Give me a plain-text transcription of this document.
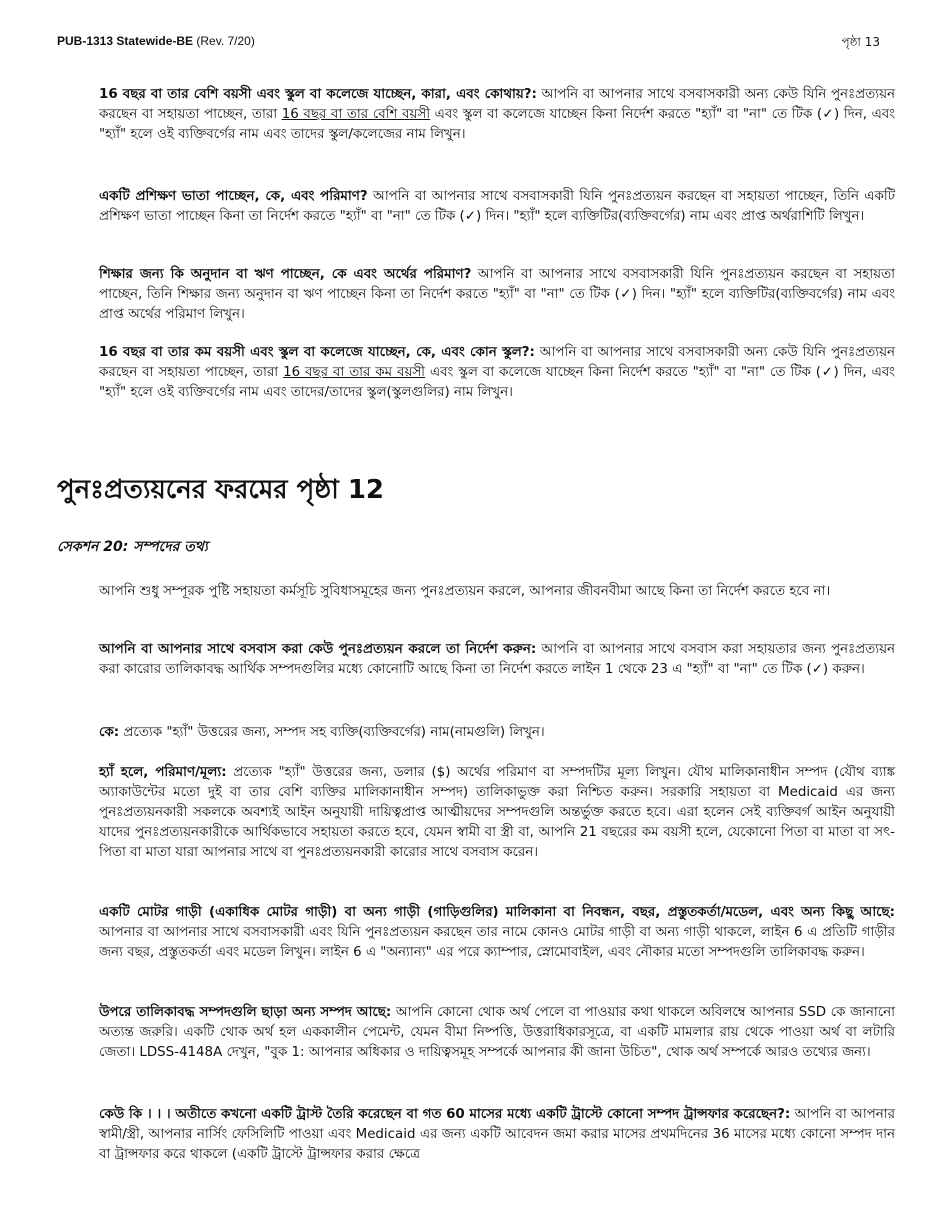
PUB-1313 Statewide-BE (Rev. 7/20)	পৃষ্ঠা 13
16 বছর বা তার বেশি বয়সী এবং স্কুল বা কলেজে যাচ্ছেন, কারা, এবং কোথায়?: আপনি বা আপনার সাথে বসবাসকারী অন্য কেউ যিনি পুনঃপ্রত্যয়ন করছেন বা সহায়তা পাচ্ছেন, তারা 16 বছর বা তার বেশি বয়সী এবং স্কুল বা কলেজে যাচ্ছেন কিনা নির্দেশ করতে "হ্যাঁ" বা "না" তে টিক (✓) দিন, এবং "হ্যাঁ" হলে ওই ব্যক্তিবর্গের নাম এবং তাদের স্কুল/কলেজের নাম লিখুন।
একটি প্রশিক্ষণ ভাতা পাচ্ছেন, কে, এবং পরিমাণ? আপনি বা আপনার সাথে বসবাসকারী যিনি পুনঃপ্রত্যয়ন করছেন বা সহায়তা পাচ্ছেন, তিনি একটি প্রশিক্ষণ ভাতা পাচ্ছেন কিনা তা নির্দেশ করতে "হ্যাঁ" বা "না" তে টিক (✓) দিন। "হ্যাঁ" হলে ব্যক্তিটির(ব্যক্তিবর্গের) নাম এবং প্রাপ্ত অর্থরাশিটি লিখুন।
শিক্ষার জন্য কি অনুদান বা ঋণ পাচ্ছেন, কে এবং অর্থের পরিমাণ? আপনি বা আপনার সাথে বসবাসকারী যিনি পুনঃপ্রত্যয়ন করছেন বা সহায়তা পাচ্ছেন, তিনি শিক্ষার জন্য অনুদান বা ঋণ পাচ্ছেন কিনা তা নির্দেশ করতে "হ্যাঁ" বা "না" তে টিক (✓) দিন। "হ্যাঁ" হলে ব্যক্তিটির(ব্যক্তিবর্গের) নাম এবং প্রাপ্ত অর্থের পরিমাণ লিখুন।
16 বছর বা তার কম বয়সী এবং স্কুল বা কলেজে যাচ্ছেন, কে, এবং কোন স্কুল?: আপনি বা আপনার সাথে বসবাসকারী অন্য কেউ যিনি পুনঃপ্রত্যয়ন করছেন বা সহায়তা পাচ্ছেন, তারা 16 বছর বা তার কম বয়সী এবং স্কুল বা কলেজে যাচ্ছেন কিনা নির্দেশ করতে "হ্যাঁ" বা "না" তে টিক (✓) দিন, এবং "হ্যাঁ" হলে ওই ব্যক্তিবর্গের নাম এবং তাদের/তাদের স্কুল(স্কুলগুলির) নাম লিখুন।
পুনঃপ্রত্যয়নের ফরমের পৃষ্ঠা 12
সেকশন 20: সম্পদের তথ্য
আপনি শুধু সম্পূরক পুষ্টি সহায়তা কর্মসূচি সুবিধাসমূহের জন্য পুনঃপ্রত্যয়ন করলে, আপনার জীবনবীমা আছে কিনা তা নির্দেশ করতে হবে না।
আপনি বা আপনার সাথে বসবাস করা কেউ পুনঃপ্রত্যয়ন করলে তা নির্দেশ করুন: আপনি বা আপনার সাথে বসবাস করা সহায়তার জন্য পুনঃপ্রত্যয়ন করা কারোর তালিকাবদ্ধ আর্থিক সম্পদগুলির মধ্যে কোনোটি আছে কিনা তা নির্দেশ করতে লাইন 1 থেকে 23 এ "হ্যাঁ" বা "না" তে টিক (✓) করুন।
কে: প্রত্যেক "হ্যাঁ" উত্তরের জন্য, সম্পদ সহ ব্যক্তি(ব্যক্তিবর্গের) নাম(নামগুলি) লিখুন।
হ্যাঁ হলে, পরিমাণ/মূল্য: প্রত্যেক "হ্যাঁ" উত্তরের জন্য, ডলার ($) অর্থের পরিমাণ বা সম্পদটির মূল্য লিখুন। যৌথ মালিকানাধীন সম্পদ (যৌথ ব্যাঙ্ক অ্যাকাউন্টের মতো দুই বা তার বেশি ব্যক্তির মালিকানাধীন সম্পদ) তালিকাভুক্ত করা নিশ্চিত করুন। সরকারি সহায়তা বা Medicaid এর জন্য পুনঃপ্রত্যয়নকারী সকলকে অবশ্যই আইন অনুযায়ী দায়িত্বপ্রাপ্ত আত্মীয়দের সম্পদগুলি অন্তর্ভুক্ত করতে হবে। এরা হলেন সেই ব্যক্তিবর্গ আইন অনুযায়ী যাদের পুনঃপ্রত্যয়নকারীকে আর্থিকভাবে সহায়তা করতে হবে, যেমন স্বামী বা স্ত্রী বা, আপনি 21 বছরের কম বয়সী হলে, যেকোনো পিতা বা মাতা বা সৎ- পিতা বা মাতা যারা আপনার সাথে বা পুনঃপ্রত্যয়নকারী কারোর সাথে বসবাস করেন।
একটি মোটর গাড়ী (একাধিক মোটর গাড়ী) বা অন্য গাড়ী (গাড়িগুলির) মালিকানা বা নিবন্ধন, বছর, প্রস্তুতকর্তা/মডেল, এবং অন্য কিছু আছে: আপনার বা আপনার সাথে বসবাসকারী এবং যিনি পুনঃপ্রত্যয়ন করছেন তার নামে কোনও মোটর গাড়ী বা অন্য গাড়ী থাকলে, লাইন 6 এ প্রতিটি গাড়ীর জন্য বছর, প্রস্তুতকর্তা এবং মডেল লিখুন। লাইন 6 এ "অন্যান্য" এর পরে ক্যাম্পার, স্নোমোবাইল, এবং নৌকার মতো সম্পদগুলি তালিকাবদ্ধ করুন।
উপরে তালিকাবদ্ধ সম্পদগুলি ছাড়া অন্য সম্পদ আছে: আপনি কোনো থোক অর্থ পেলে বা পাওয়ার কথা থাকলে অবিলম্বে আপনার SSD কে জানানো অত্যন্ত জরুরি। একটি থোক অর্থ হল এককালীন পেমেন্ট, যেমন বীমা নিষ্পত্তি, উত্তরাধিকারসূত্রে, বা একটি মামলার রায় থেকে পাওয়া অর্থ বা লটারি জেতা। LDSS-4148A দেখুন, "বুক 1: আপনার অধিকার ও দায়িত্বসমূহ সম্পর্কে আপনার কী জানা উচিত", থোক অর্থ সম্পর্কে আরও তথ্যের জন্য।
কেউ কি । । । অতীতে কখনো একটি ট্রাস্ট তৈরি করেছেন বা গত 60 মাসের মধ্যে একটি ট্রাস্টে কোনো সম্পদ ট্রান্সফার করেছেন?: আপনি বা আপনার স্বামী/স্ত্রী, আপনার নার্সিং ফেসিলিটি পাওয়া এবং Medicaid এর জন্য একটি আবেদন জমা করার মাসের প্রথমদিনের 36 মাসের মধ্যে কোনো সম্পদ দান বা ট্রান্সফার করে থাকলে (একটি ট্রাস্টে ট্রান্সফার করার ক্ষেত্রে
